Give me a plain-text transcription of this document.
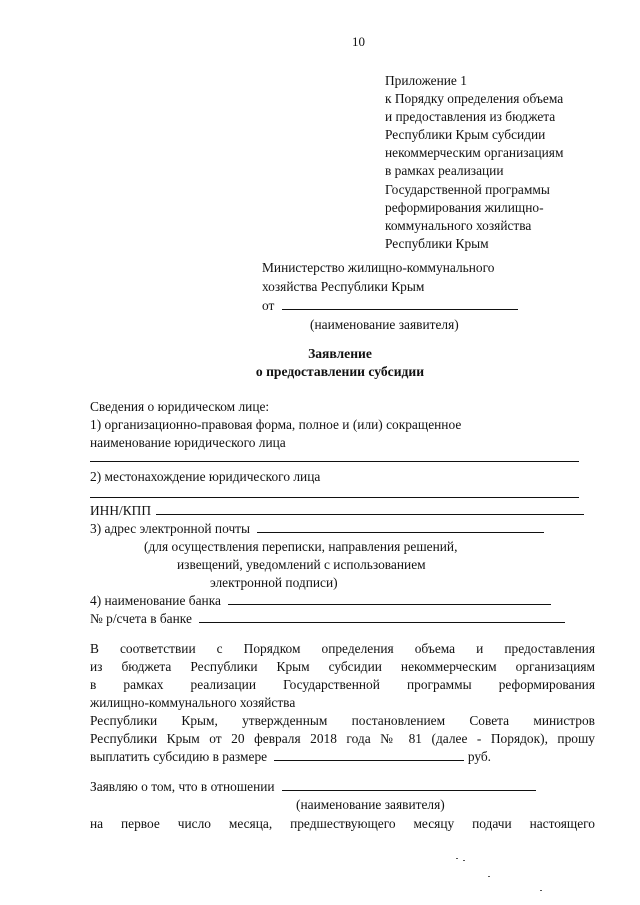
10
Приложение 1
к Порядку определения объема
и предоставления из бюджета
Республики Крым субсидии
некоммерческим организациям
в рамках реализации
Государственной программы
реформирования жилищно-
коммунального хозяйства
Республики Крым
Министерство жилищно-коммунального
хозяйства Республики Крым
от
(наименование заявителя)
Заявление
о предоставлении субсидии
Сведения о юридическом лице:
1) организационно-правовая форма, полное и (или) сокращенное
наименование юридического лица
2) местонахождение юридического лица
ИНН/КПП
3) адрес электронной почты
(для осуществления переписки, направления решений,
извещений, уведомлений с использованием
электронной подписи)
4) наименование банка
№ р/счета в банке
В соответствии с Порядком определения объема и предоставления
из бюджета Республики Крым субсидии некоммерческим организациям
в рамках реализации Государственной программы реформирования
жилищно-коммунального хозяйства
Республики Крым, утвержденным постановлением Совета министров
Республики Крым от 20 февраля 2018 года № 81 (далее - Порядок), прошу
выплатить субсидию в размере	руб.
Заявляю о том, что в отношении
(наименование заявителя)
на первое число месяца, предшествующего месяцу подачи настоящего
